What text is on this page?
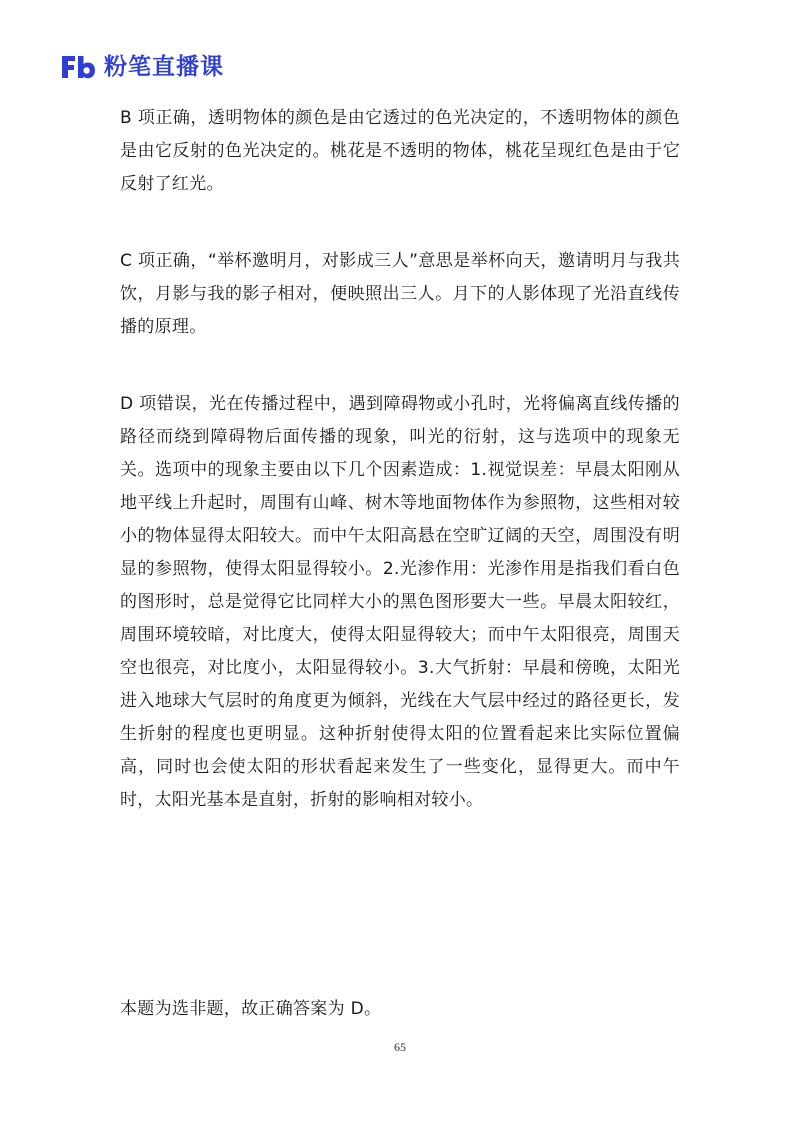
粉笔直播课

B 项正确，透明物体的颜色是由它透过的色光决定的，不透明物体的颜色是由它反射的色光决定的。桃花是不透明的物体，桃花呈现红色是由于它反射了红光。

C 项正确，“举杯邀明月，对影成三人”意思是举杯向天，邀请明月与我共饮，月影与我的影子相对，便映照出三人。月下的人影体现了光沿直线传播的原理。

D 项错误，光在传播过程中，遇到障碍物或小孔时，光将偏离直线传播的路径而绕到障碍物后面传播的现象，叫光的衍射，这与选项中的现象无关。选项中的现象主要由以下几个因素造成：1.视觉误差：早晨太阳刚从地平线上升起时，周围有山峰、树木等地面物体作为参照物，这些相对较小的物体显得太阳较大。而中午太阳高悬在空旷辽阔的天空，周围没有明显的参照物，使得太阳显得较小。2.光渗作用：光渗作用是指我们看白色的图形时，总是觉得它比同样大小的黑色图形要大一些。早晨太阳较红，周围环境较暗，对比度大，使得太阳显得较大；而中午太阳很亮，周围天空也很亮，对比度小，太阳显得较小。3.大气折射：早晨和傍晚，太阳光进入地球大气层时的角度更为倾斜，光线在大气层中经过的路径更长，发生折射的程度也更明显。这种折射使得太阳的位置看起来比实际位置偏高，同时也会使太阳的形状看起来发生了一些变化，显得更大。而中午时，太阳光基本是直射，折射的影响相对较小。

本题为选非题，故正确答案为 D。

65
